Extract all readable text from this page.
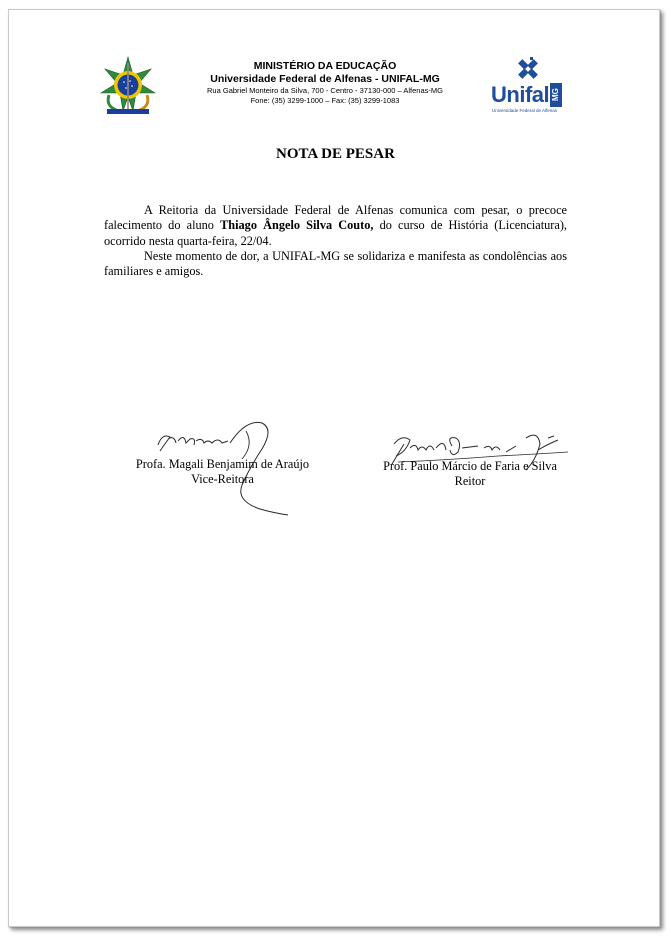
MINISTÉRIO DA EDUCAÇÃO
Universidade Federal de Alfenas - UNIFAL-MG
Rua Gabriel Monteiro da Silva, 700 - Centro - 37130-000 – Alfenas-MG
Fone: (35) 3299-1000 – Fax: (35) 3299-1083	Unifal MG
Universidade Federal de Alfenas
NOTA DE PESAR

A Reitoria da Universidade Federal de Alfenas comunica com pesar, o precoce falecimento do aluno Thiago Ângelo Silva Couto, do curso de História (Licenciatura), ocorrido nesta quarta-feira, 22/04.

Neste momento de dor, a UNIFAL-MG se solidariza e manifesta as condolências aos familiares e amigos.

Profa. Magali Benjamim de Araújo
Vice-Reitora
Prof. Paulo Márcio de Faria e Silva
Reitor
